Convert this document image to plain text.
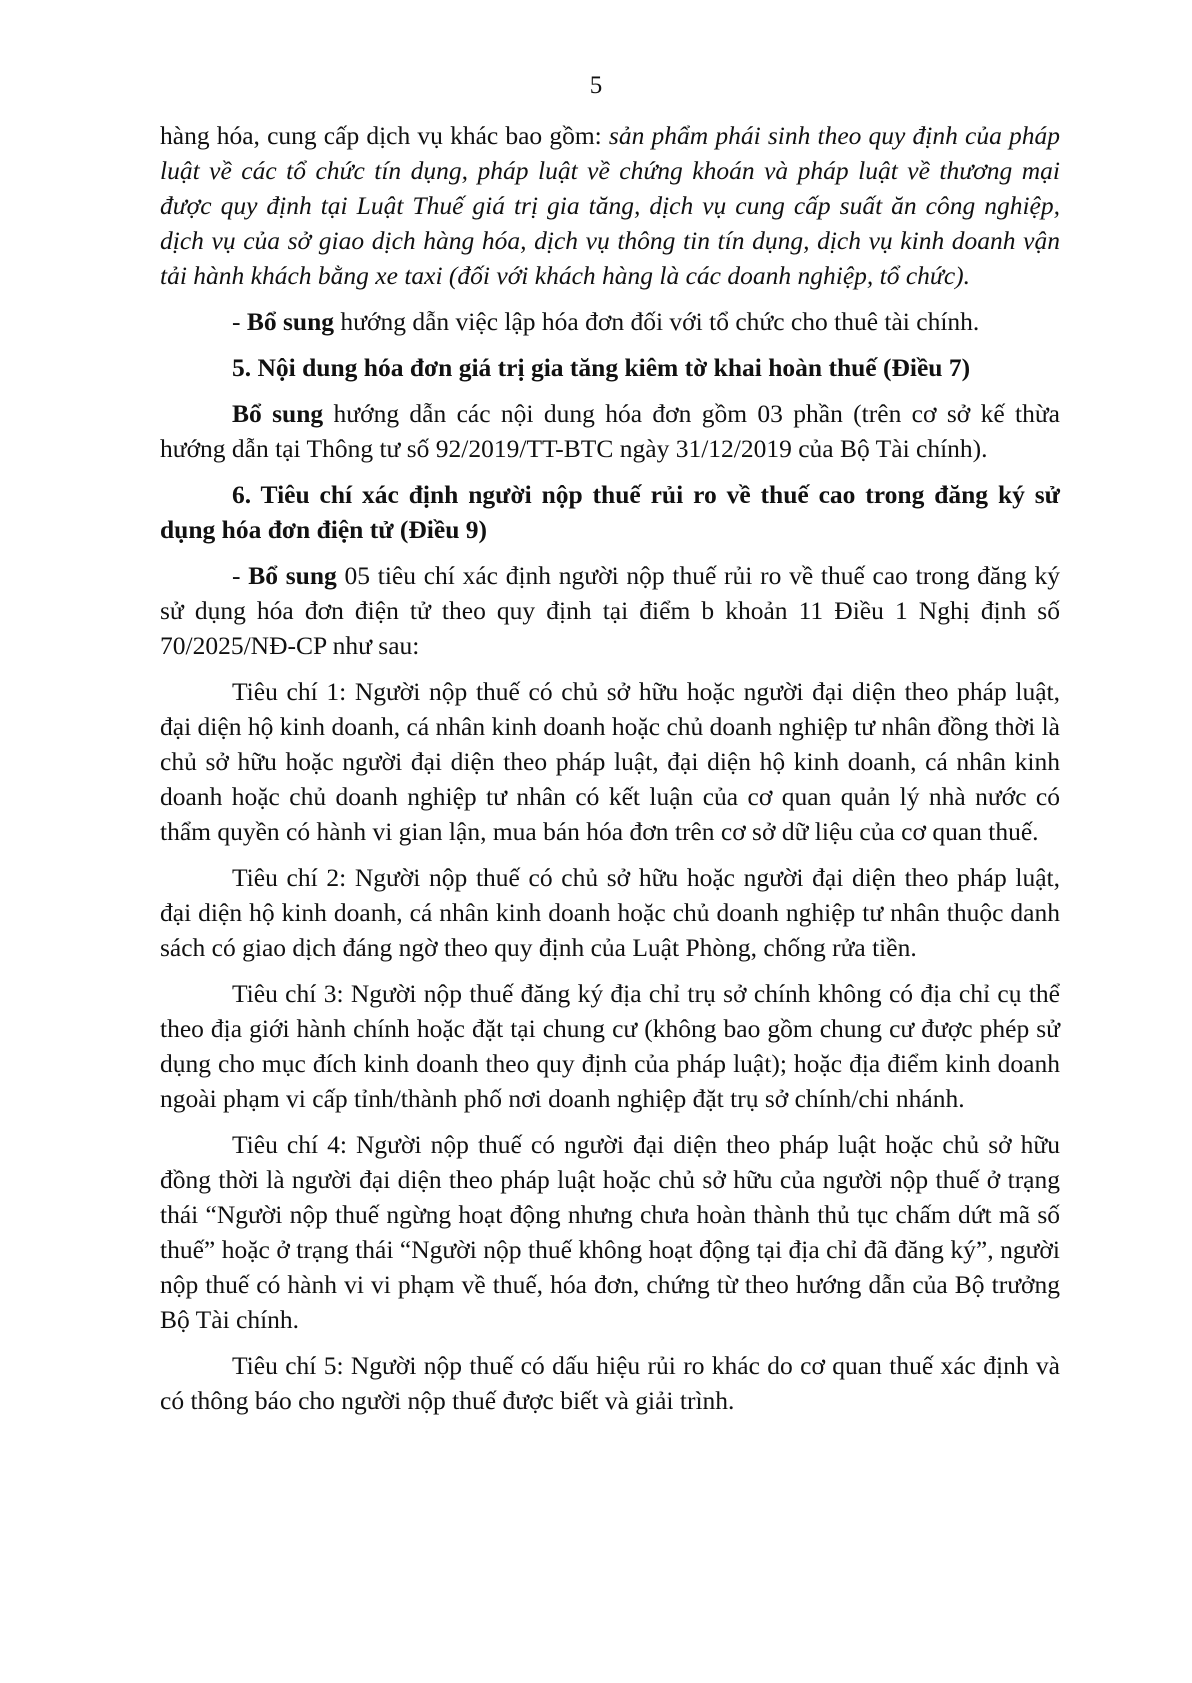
5

hàng hóa, cung cấp dịch vụ khác bao gồm: sản phẩm phái sinh theo quy định của pháp luật về các tổ chức tín dụng, pháp luật về chứng khoán và pháp luật về thương mại được quy định tại Luật Thuế giá trị gia tăng, dịch vụ cung cấp suất ăn công nghiệp, dịch vụ của sở giao dịch hàng hóa, dịch vụ thông tin tín dụng, dịch vụ kinh doanh vận tải hành khách bằng xe taxi (đối với khách hàng là các doanh nghiệp, tổ chức).

- Bổ sung hướng dẫn việc lập hóa đơn đối với tổ chức cho thuê tài chính.

5. Nội dung hóa đơn giá trị gia tăng kiêm tờ khai hoàn thuế (Điều 7)

Bổ sung hướng dẫn các nội dung hóa đơn gồm 03 phần (trên cơ sở kế thừa hướng dẫn tại Thông tư số 92/2019/TT-BTC ngày 31/12/2019 của Bộ Tài chính).

6. Tiêu chí xác định người nộp thuế rủi ro về thuế cao trong đăng ký sử dụng hóa đơn điện tử (Điều 9)

- Bổ sung 05 tiêu chí xác định người nộp thuế rủi ro về thuế cao trong đăng ký sử dụng hóa đơn điện tử theo quy định tại điểm b khoản 11 Điều 1 Nghị định số 70/2025/NĐ-CP như sau:

Tiêu chí 1: Người nộp thuế có chủ sở hữu hoặc người đại diện theo pháp luật, đại diện hộ kinh doanh, cá nhân kinh doanh hoặc chủ doanh nghiệp tư nhân đồng thời là chủ sở hữu hoặc người đại diện theo pháp luật, đại diện hộ kinh doanh, cá nhân kinh doanh hoặc chủ doanh nghiệp tư nhân có kết luận của cơ quan quản lý nhà nước có thẩm quyền có hành vi gian lận, mua bán hóa đơn trên cơ sở dữ liệu của cơ quan thuế.

Tiêu chí 2: Người nộp thuế có chủ sở hữu hoặc người đại diện theo pháp luật, đại diện hộ kinh doanh, cá nhân kinh doanh hoặc chủ doanh nghiệp tư nhân thuộc danh sách có giao dịch đáng ngờ theo quy định của Luật Phòng, chống rửa tiền.

Tiêu chí 3: Người nộp thuế đăng ký địa chỉ trụ sở chính không có địa chỉ cụ thể theo địa giới hành chính hoặc đặt tại chung cư (không bao gồm chung cư được phép sử dụng cho mục đích kinh doanh theo quy định của pháp luật); hoặc địa điểm kinh doanh ngoài phạm vi cấp tỉnh/thành phố nơi doanh nghiệp đặt trụ sở chính/chi nhánh.

Tiêu chí 4: Người nộp thuế có người đại diện theo pháp luật hoặc chủ sở hữu đồng thời là người đại diện theo pháp luật hoặc chủ sở hữu của người nộp thuế ở trạng thái “Người nộp thuế ngừng hoạt động nhưng chưa hoàn thành thủ tục chấm dứt mã số thuế” hoặc ở trạng thái “Người nộp thuế không hoạt động tại địa chỉ đã đăng ký”, người nộp thuế có hành vi vi phạm về thuế, hóa đơn, chứng từ theo hướng dẫn của Bộ trưởng Bộ Tài chính.

Tiêu chí 5: Người nộp thuế có dấu hiệu rủi ro khác do cơ quan thuế xác định và có thông báo cho người nộp thuế được biết và giải trình.
